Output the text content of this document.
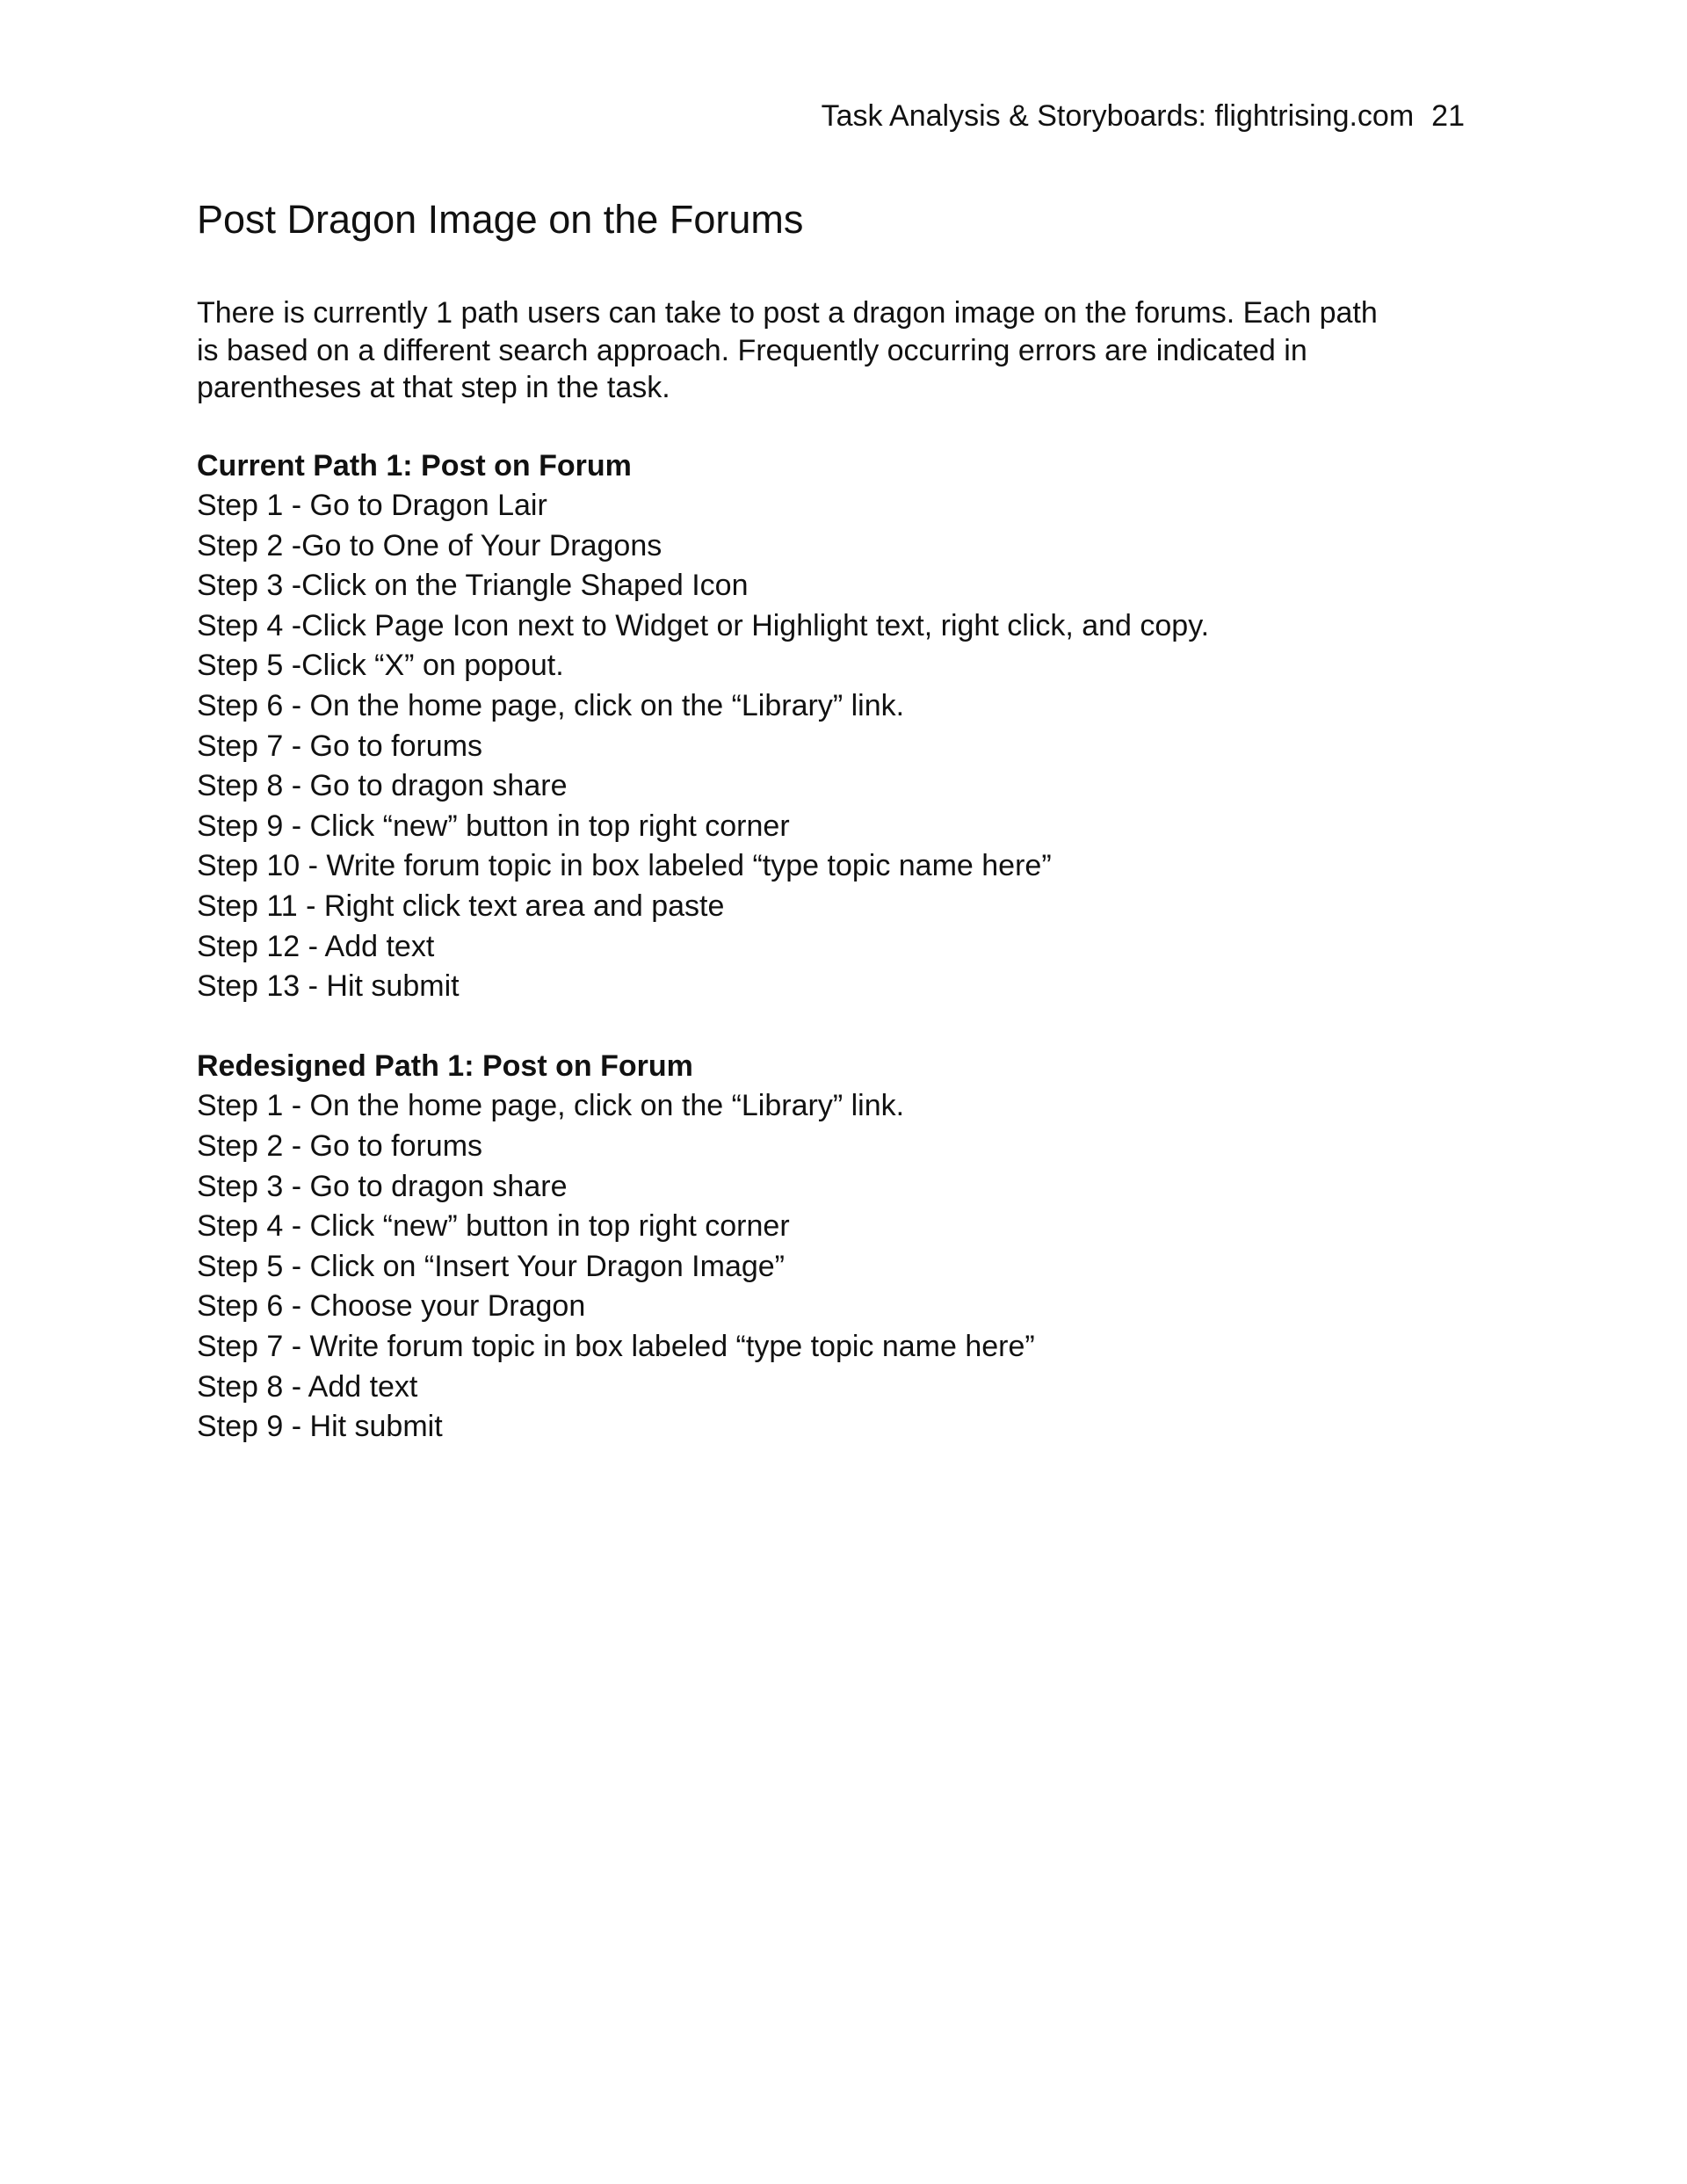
Task Analysis & Storyboards: flightrising.com 21
Post Dragon Image on the Forums

There is currently 1 path users can take to post a dragon image on the forums. Each path is based on a different search approach. Frequently occurring errors are indicated in parentheses at that step in the task.

Current Path 1: Post on Forum
Step 1 - Go to Dragon Lair
Step 2 -Go to One of Your Dragons
Step 3 -Click on the Triangle Shaped Icon
Step 4 -Click Page Icon next to Widget or Highlight text, right click, and copy.
Step 5 -Click “X” on popout.
Step 6 - On the home page, click on the “Library” link.
Step 7 - Go to forums
Step 8 - Go to dragon share
Step 9 - Click “new” button in top right corner
Step 10 - Write forum topic in box labeled “type topic name here”
Step 11 - Right click text area and paste
Step 12 - Add text
Step 13 - Hit submit
Redesigned Path 1: Post on Forum
Step 1 - On the home page, click on the “Library” link.
Step 2 - Go to forums
Step 3 - Go to dragon share
Step 4 - Click “new” button in top right corner
Step 5 - Click on “Insert Your Dragon Image”
Step 6 - Choose your Dragon
Step 7 - Write forum topic in box labeled “type topic name here”
Step 8 - Add text
Step 9 - Hit submit
